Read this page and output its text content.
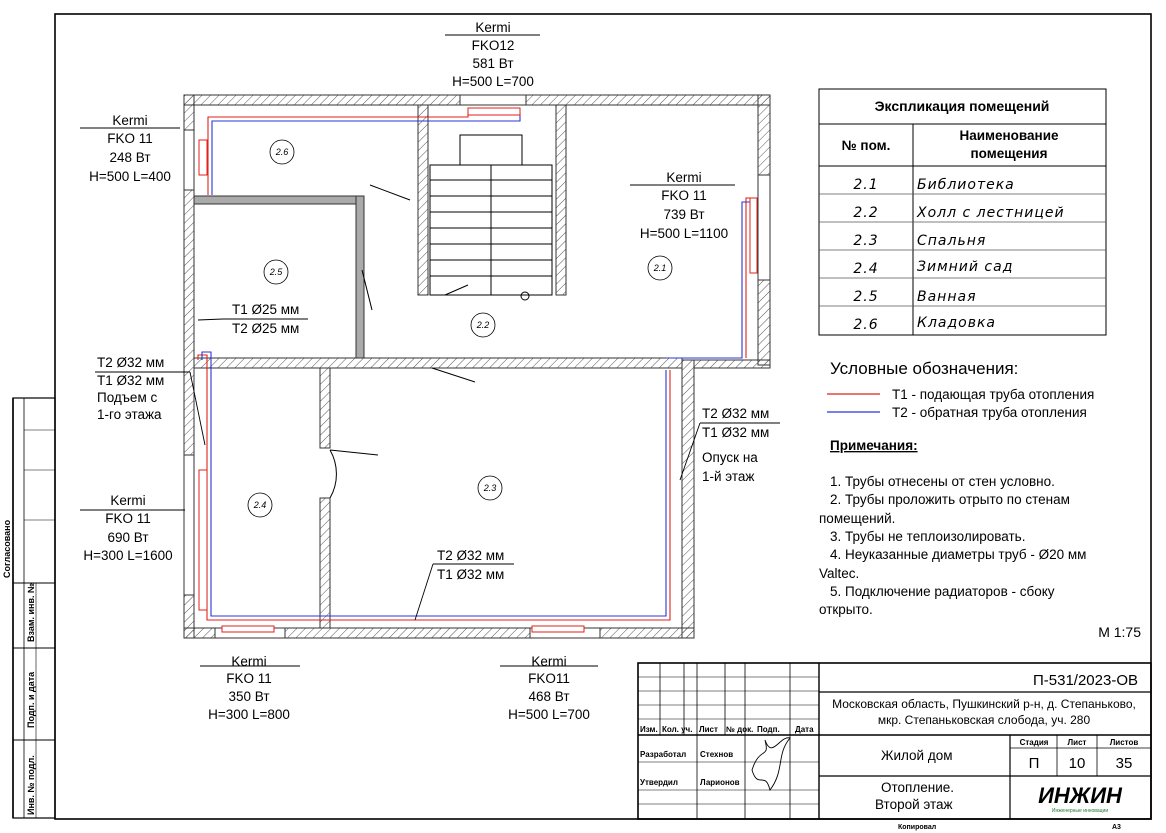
Согласовано
Взам. инв. №
Подп. и дата
Инв. № подл.
2.6
2.5	2.1
2.2
2.4
2.3
Kermi
FKO12
581 Вт
H=500 L=700
Kermi
FKO 11
248 Вт
H=500 L=400	Kermi
FKO 11
739 Вт
H=500 L=1100
Kermi
FKO 11
690 Вт
H=300 L=1600
Kermi
FKO 11
350 Вт
H=300 L=800
Kermi
FKO11
468 Вт
H=500 L=700
T1 Ø25 мм
T2 Ø25 мм
T2 Ø32 мм
T1 Ø32 мм
Подъем с
1-го этажа	T2 Ø32 мм
T1 Ø32 мм
Опуск на
1-й этаж
T2 Ø32 мм
T1 Ø32 мм
Экспликация помещений
№ пом.
Наименование
помещения
2.1	Библиотека
2.2	Холл с лестницей
2.3	Спальня
2.4	Зимний сад
2.5	Ванная
2.6	Кладовка
Условные обозначения:
T1 - подающая труба отопления
T2 - обратная труба отопления
Примечания:
1. Трубы отнесены от стен условно.
2. Трубы проложить отрыто по стенам
помещений.
3. Трубы не теплоизолировать.
4. Неуказанные диаметры труб - Ø20 мм
Valtec.
5. Подключение радиаторов - сбоку
открыто.
М 1:75
Изм. Кол. уч. Лист № док. Подп. Дата
Разработал Стехнов
Утвердил	Ларионов
П-531/2023-ОВ
Московская область, Пушкинский р-н, д. Степаньково,
мкр. Степаньковская слобода, уч. 280
Жилой дом
Отопление.
Второй этаж
Стадия Лист	Листов
П 10 35
ИНЖИН
Инженерные инновации
Копировал	А3
